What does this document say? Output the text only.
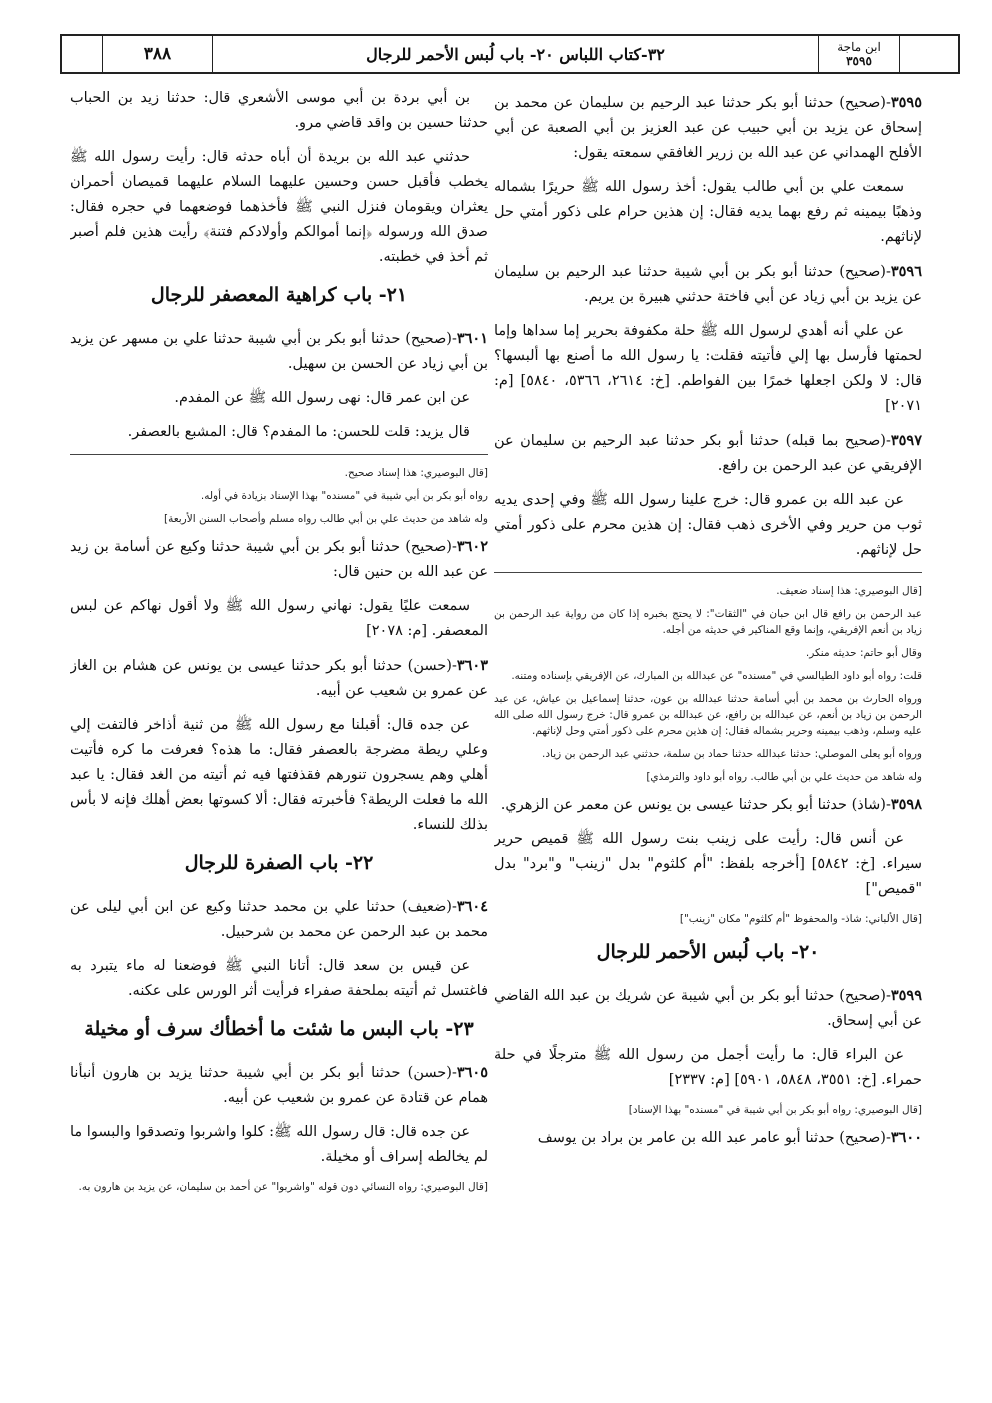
ابن ماجة
٣٥٩٥
٣٢-كتاب اللباس ٢٠- باب لُبس الأحمر للرجال
٣٨٨

٣٥٩٥-(صحيح) حدثنا أبو بكر حدثنا عبد الرحيم بن سليمان عن محمد بن إسحاق عن يزيد بن أبي حبيب عن عبد العزيز بن أبي الصعبة عن أبي الأفلح الهمداني عن عبد الله بن زرير الغافقي سمعته يقول:

سمعت علي بن أبي طالب يقول: أخذ رسول الله ﷺ حريرًا بشماله وذهبًا بيمينه ثم رفع بهما يديه فقال: إن هذين حرام على ذكور أمتي حل لإناثهم.

٣٥٩٦-(صحيح) حدثنا أبو بكر بن أبي شيبة حدثنا عبد الرحيم بن سليمان عن يزيد بن أبي زياد عن أبي فاختة حدثني هبيرة بن يريم.

عن علي أنه أهدي لرسول الله ﷺ حلة مكفوفة بحرير إما سداها وإما لحمتها فأرسل بها إلي فأتيته فقلت: يا رسول الله ما أصنع بها ألبسها؟ قال: لا ولكن اجعلها خمرًا بين الفواطم. [خ: ٢٦١٤، ٥٣٦٦، ٥٨٤٠] [م: ٢٠٧١]

٣٥٩٧-(صحيح بما قبله) حدثنا أبو بكر حدثنا عبد الرحيم بن سليمان عن الإفريقي عن عبد الرحمن بن رافع.

عن عبد الله بن عمرو قال: خرج علينا رسول الله ﷺ وفي إحدى يديه ثوب من حرير وفي الأخرى ذهب فقال: إن هذين محرم على ذكور أمتي حل لإناثهم.

[قال البوصيري: هذا إسناد ضعيف.

عبد الرحمن بن رافع قال ابن حبان في "الثقات": لا يحتج بخبره إذا كان من رواية عبد الرحمن بن زياد بن أنعم الإفريقي، وإنما وقع المناكير في حديثه من أجله.

وقال أبو حاتم: حديثه منكر.

قلت: رواه أبو داود الطيالسي في "مسنده" عن عبدالله بن المبارك، عن الإفريقي بإسناده ومتنه.

ورواه الحارث بن محمد بن أبي أسامة حدثنا عبدالله بن عون، حدثنا إسماعيل بن عياش، عن عبد الرحمن بن زياد بن أنعم، عن عبدالله بن رافع، عن عبدالله بن عمرو قال: خرج رسول الله صلى الله عليه وسلم، وذهب بيمينه وحرير بشماله فقال: إن هذين محرم على ذكور أمتي وحل لإناثهم.

ورواه أبو يعلى الموصلي: حدثنا عبدالله حدثنا حماد بن سلمة، حدثني عبد الرحمن بن زياد.

وله شاهد من حديث علي بن أبي طالب. رواه أبو داود والترمذي]

٣٥٩٨-(شاذ) حدثنا أبو بكر حدثنا عيسى بن يونس عن معمر عن الزهري.

عن أنس قال: رأيت على زينب بنت رسول الله ﷺ قميص حرير سيراء. [خ: ٥٨٤٢] [أخرجه بلفظ: "أم كلثوم" بدل "زينب" و"برد" بدل "قميص"]

[قال الألباني: شاذ- والمحفوظ "أم كلثوم" مكان "زينب"]

٢٠- باب لُبس الأحمر للرجال

٣٥٩٩-(صحيح) حدثنا أبو بكر بن أبي شيبة عن شريك بن عبد الله القاضي عن أبي إسحاق.

عن البراء قال: ما رأيت أجمل من رسول الله ﷺ مترجلًا في حلة حمراء. [خ: ٣٥٥١، ٥٨٤٨، ٥٩٠١] [م: ٢٣٣٧]

[قال البوصيري: رواه أبو بكر بن أبي شيبة في "مسنده" بهذا الإسناد]

٣٦٠٠-(صحيح) حدثنا أبو عامر عبد الله بن عامر بن براد بن يوسف

بن أبي بردة بن أبي موسى الأشعري قال: حدثنا زيد بن الحباب حدثنا حسين بن واقد قاضي مرو.

حدثني عبد الله بن بريدة أن أباه حدثه قال: رأيت رسول الله ﷺ يخطب فأقبل حسن وحسين عليهما السلام عليهما قميصان أحمران يعثران ويقومان فنزل النبي ﷺ فأخذهما فوضعهما في حجره فقال: صدق الله ورسوله ﴿إنما أموالكم وأولادكم فتنة﴾ رأيت هذين فلم أصبر ثم أخذ في خطبته.

٢١- باب كراهية المعصفر للرجال

٣٦٠١-(صحيح) حدثنا أبو بكر بن أبي شيبة حدثنا علي بن مسهر عن يزيد بن أبي زياد عن الحسن بن سهيل.

عن ابن عمر قال: نهى رسول الله ﷺ عن المفدم.

قال يزيد: قلت للحسن: ما المفدم؟ قال: المشبع بالعصفر.

[قال البوصيري: هذا إسناد صحيح.

رواه أبو بكر بن أبي شيبة في "مسنده" بهذا الإسناد بزيادة في أوله.

وله شاهد من حديث علي بن أبي طالب رواه مسلم وأصحاب السنن الأربعة]

٣٦٠٢-(صحيح) حدثنا أبو بكر بن أبي شيبة حدثنا وكيع عن أسامة بن زيد عن عبد الله بن حنين قال:

سمعت عليًا يقول: نهاني رسول الله ﷺ ولا أقول نهاكم عن لبس المعصفر. [م: ٢٠٧٨]

٣٦٠٣-(حسن) حدثنا أبو بكر حدثنا عيسى بن يونس عن هشام بن الغاز عن عمرو بن شعيب عن أبيه.

عن جده قال: أقبلنا مع رسول الله ﷺ من ثنية أذاخر فالتفت إلي وعلي ريطة مضرجة بالعصفر فقال: ما هذه؟ فعرفت ما كره فأتيت أهلي وهم يسجرون تنورهم فقذفتها فيه ثم أتيته من الغد فقال: يا عبد الله ما فعلت الريطة؟ فأخبرته فقال: ألا كسوتها بعض أهلك فإنه لا بأس بذلك للنساء.

٢٢- باب الصفرة للرجال

٣٦٠٤-(ضعيف) حدثنا علي بن محمد حدثنا وكيع عن ابن أبي ليلى عن محمد بن عبد الرحمن عن محمد بن شرحبيل.

عن قيس بن سعد قال: أتانا النبي ﷺ فوضعنا له ماء يتبرد به فاغتسل ثم أتيته بملحفة صفراء فرأيت أثر الورس على عكنه.

٢٣- باب البس ما شئت ما أخطأك سرف أو مخيلة

٣٦٠٥-(حسن) حدثنا أبو بكر بن أبي شيبة حدثنا يزيد بن هارون أنبأنا همام عن قتادة عن عمرو بن شعيب عن أبيه.

عن جده قال: قال رسول الله ﷺ: كلوا واشربوا وتصدقوا والبسوا ما لم يخالطه إسراف أو مخيلة.

[قال البوصيري: رواه النسائي دون قوله "واشربوا" عن أحمد بن سليمان، عن يزيد بن هارون به.
